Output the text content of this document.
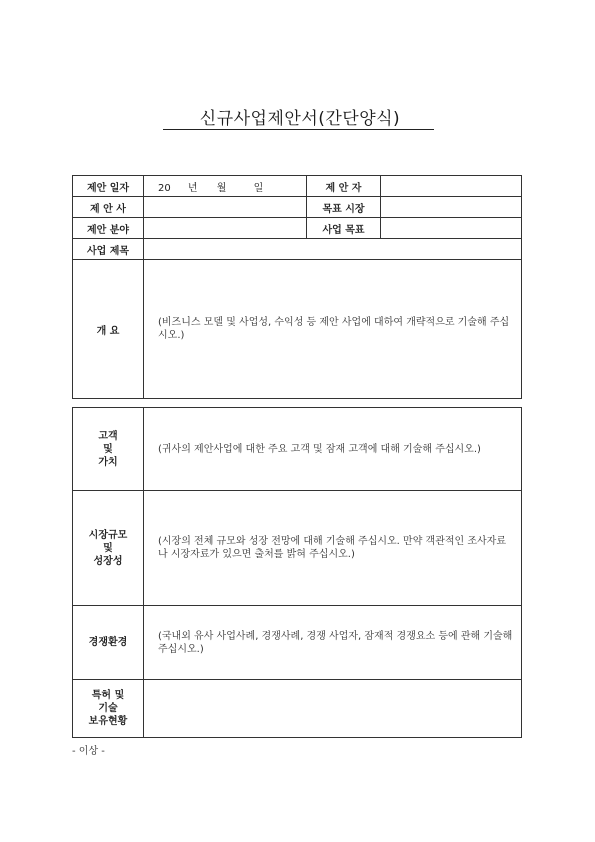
신규사업제안서(간단양식)
제안 일자	20 년 월 일	제 안 자	
제 안 사		목표 시장	
제안 분야		사업 목표	
사업 제목			
개 요	(비즈니스 모델 및 사업성, 수익성 등 제안 사업에 대하여 개략적으로 기술해 주십시오.)		
고객
및
가치	(귀사의 제안사업에 대한 주요 고객 및 잠재 고객에 대해 기술해 주십시오.)

시장규모
및
성장성	(시장의 전체 규모와 성장 전망에 대해 기술해 주십시오. 만약 객관적인 조사자료나 시장자료가 있으면 출처를 밝혀 주십시오.)
경쟁환경	(국내외 유사 사업사례, 경쟁사례, 경쟁 사업자, 잠재적 경쟁요소 등에 관해 기술해 주십시오.)

특허 및
기술
보유현황	

- 이상 -
